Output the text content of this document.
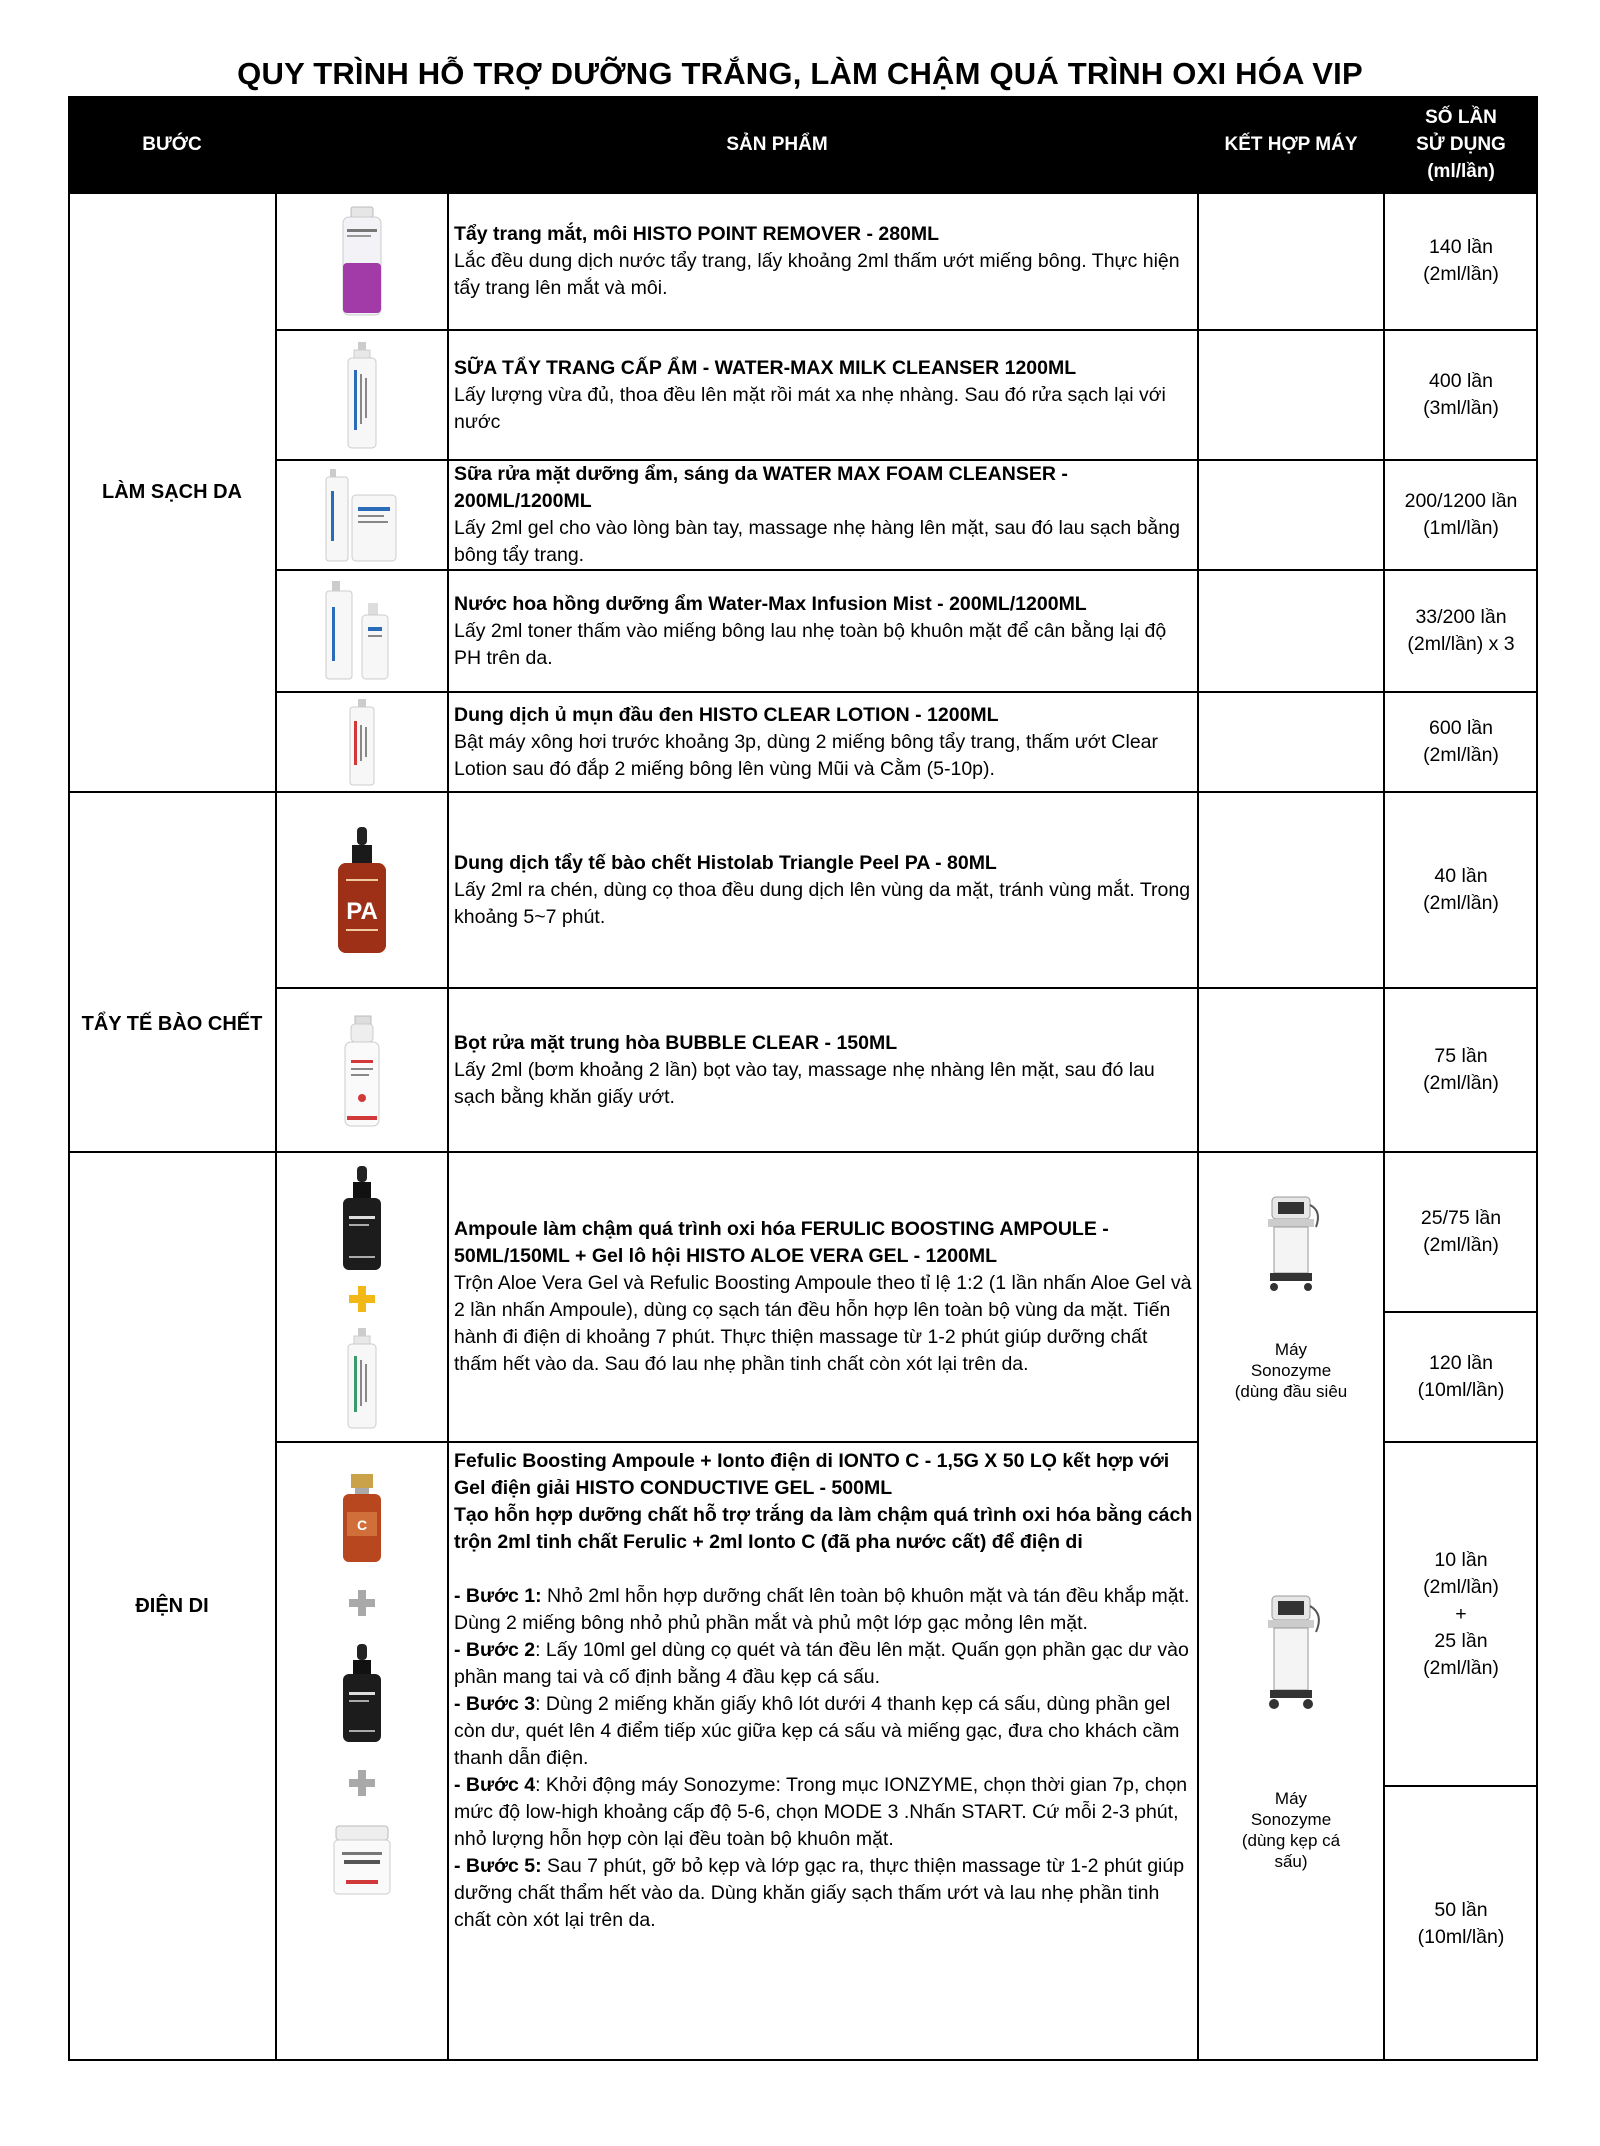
QUY TRÌNH HỖ TRỢ DƯỠNG TRẮNG, LÀM CHẬM QUÁ TRÌNH OXI HÓA VIP
BƯỚC	SẢN PHẨM	KẾT HỢP MÁY
SỐ LẦN
SỬ DỤNG
(ml/lần)
LÀM SẠCH DA
TẨY TẾ BÀO CHẾT
ĐIỆN DI
Tẩy trang mắt, môi HISTO POINT REMOVER - 280ML
Lắc đều dung dịch nước tẩy trang, lấy khoảng 2ml thấm ướt miếng bông. Thực hiện tẩy trang lên mắt và môi.
140 lần
(2ml/lần)
SỮA TẨY TRANG CẤP ẨM - WATER-MAX MILK CLEANSER 1200ML
Lấy lượng vừa đủ, thoa đều lên mặt rồi mát xa nhẹ nhàng. Sau đó rửa sạch lại với nước
400 lần
(3ml/lần)
Sữa rửa mặt dưỡng ẩm, sáng da WATER MAX FOAM CLEANSER - 200ML/1200ML
Lấy 2ml gel cho vào lòng bàn tay, massage nhẹ hàng lên mặt, sau đó lau sạch bằng bông tẩy trang.
200/1200 lần
(1ml/lần)
Nước hoa hồng dưỡng ẩm Water-Max Infusion Mist - 200ML/1200ML
Lấy 2ml toner thấm vào miếng bông lau nhẹ toàn bộ khuôn mặt để cân bằng lại độ PH trên da.
33/200 lần
(2ml/lần) x 3
Dung dịch ủ mụn đầu đen HISTO CLEAR LOTION - 1200ML
Bật máy xông hơi trước khoảng 3p, dùng 2 miếng bông tẩy trang, thấm ướt Clear Lotion sau đó đắp 2 miếng bông lên vùng Mũi và Cằm (5-10p).
600 lần
(2ml/lần)
PA
Dung dịch tẩy tế bào chết Histolab Triangle Peel PA - 80ML
Lấy 2ml ra chén, dùng cọ thoa đều dung dịch lên vùng da mặt, tránh vùng mắt. Trong khoảng 5~7 phút.
40 lần
(2ml/lần)
Bọt rửa mặt trung hòa BUBBLE CLEAR - 150ML
Lấy 2ml (bơm khoảng 2 lần) bọt vào tay, massage nhẹ nhàng lên mặt, sau đó lau sạch bằng khăn giấy ướt.
75 lần
(2ml/lần)
Ampoule làm chậm quá trình oxi hóa FERULIC BOOSTING AMPOULE - 50ML/150ML + Gel lô hội HISTO ALOE VERA GEL - 1200ML
Trộn Aloe Vera Gel và Refulic Boosting Ampoule theo tỉ lệ 1:2 (1 lần nhấn Aloe Gel và 2 lần nhấn Ampoule), dùng cọ sạch tán đều hỗn hợp lên toàn bộ vùng da mặt. Tiến hành đi điện di khoảng 7 phút. Thực thiện massage từ 1-2 phút giúp dưỡng chất thấm hết vào da. Sau đó lau nhẹ phần tinh chất còn xót lại trên da.
Máy
Sonozyme
(dùng đầu siêu
25/75 lần
(2ml/lần)
120 lần
(10ml/lần)
C
Fefulic Boosting Ampoule + Ionto điện di IONTO C - 1,5G X 50 LỌ kết hợp với Gel điện giải HISTO CONDUCTIVE GEL - 500ML
Tạo hỗn hợp dưỡng chất hỗ trợ trắng da làm chậm quá trình oxi hóa bằng cách trộn 2ml tinh chất Ferulic + 2ml Ionto C (đã pha nước cất) để điện di
- Bước 1: Nhỏ 2ml hỗn hợp dưỡng chất lên toàn bộ khuôn mặt và tán đều khắp mặt. Dùng 2 miếng bông nhỏ phủ phần mắt và phủ một lớp gạc mỏng lên mặt.
- Bước 2: Lấy 10ml gel dùng cọ quét và tán đều lên mặt. Quấn gọn phần gạc dư vào phần mang tai và cố định bằng 4 đầu kẹp cá sấu.
- Bước 3: Dùng 2 miếng khăn giấy khô lót dưới 4 thanh kẹp cá sấu, dùng phần gel còn dư, quét lên 4 điểm tiếp xúc giữa kẹp cá sấu và miếng gạc, đưa cho khách cầm thanh dẫn điện.
- Bước 4: Khởi động máy Sonozyme: Trong mục IONZYME, chọn thời gian 7p, chọn mức độ low-high khoảng cấp độ 5-6, chọn MODE 3 .Nhấn START. Cứ mỗi 2-3 phút, nhỏ lượng hỗn hợp còn lại đều toàn bộ khuôn mặt.
- Bước 5: Sau 7 phút, gỡ bỏ kẹp và lớp gạc ra, thực thiện massage từ 1-2 phút giúp dưỡng chất thẩm hết vào da. Dùng khăn giấy sạch thấm ướt và lau nhẹ phần tinh chất còn xót lại trên da.
Máy
Sonozyme
(dùng kẹp cá
sấu)
10 lần
(2ml/lần)
+
25 lần
(2ml/lần)
50 lần
(10ml/lần)
